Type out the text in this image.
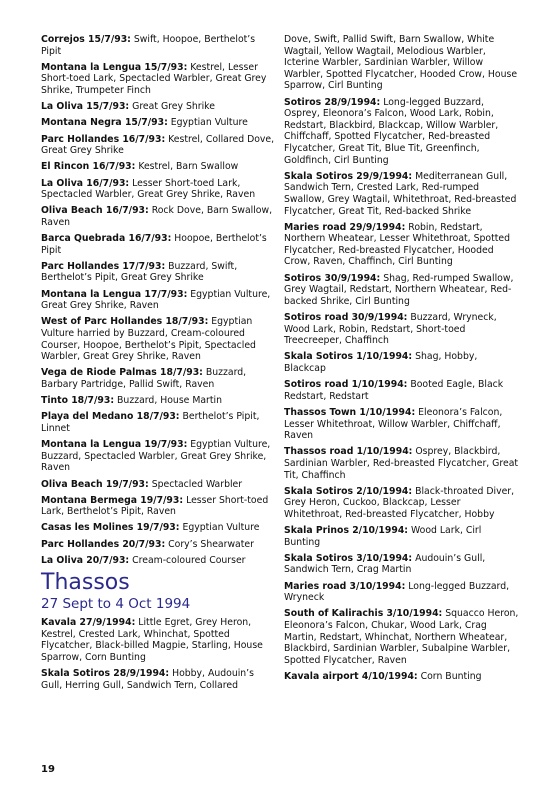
Correjos 15/7/93: Swift, Hoopoe, Berthelot’s Pipit
Montana la Lengua 15/7/93: Kestrel, Lesser Short-toed Lark, Spectacled Warbler, Great Grey Shrike, Trumpeter Finch
La Oliva 15/7/93: Great Grey Shrike
Montana Negra 15/7/93: Egyptian Vulture
Parc Hollandes 16/7/93: Kestrel, Collared Dove, Great Grey Shrike
El Rincon 16/7/93: Kestrel, Barn Swallow
La Oliva 16/7/93: Lesser Short-toed Lark, Spectacled Warbler, Great Grey Shrike, Raven
Oliva Beach 16/7/93: Rock Dove, Barn Swallow, Raven
Barca Quebrada 16/7/93: Hoopoe, Berthelot’s Pipit
Parc Hollandes 17/7/93: Buzzard, Swift, Berthelot’s Pipit, Great Grey Shrike
Montana la Lengua 17/7/93: Egyptian Vulture, Great Grey Shrike, Raven
West of Parc Hollandes 18/7/93: Egyptian Vulture harried by Buzzard, Cream-coloured Courser, Hoopoe, Berthelot’s Pipit, Spectacled Warbler, Great Grey Shrike, Raven
Vega de Riode Palmas 18/7/93: Buzzard, Barbary Partridge, Pallid Swift, Raven
Tinto 18/7/93: Buzzard, House Martin
Playa del Medano 18/7/93: Berthelot’s Pipit, Linnet
Montana la Lengua 19/7/93: Egyptian Vulture, Buzzard, Spectacled Warbler, Great Grey Shrike, Raven
Oliva Beach 19/7/93: Spectacled Warbler
Montana Bermega 19/7/93: Lesser Short-toed Lark, Berthelot’s Pipit, Raven
Casas les Molines 19/7/93: Egyptian Vulture
Parc Hollandes 20/7/93: Cory’s Shearwater
La Oliva 20/7/93: Cream-coloured Courser
Thassos
27 Sept to 4 Oct 1994
Kavala 27/9/1994: Little Egret, Grey Heron, Kestrel, Crested Lark, Whinchat, Spotted Flycatcher, Black-billed Magpie, Starling, House Sparrow, Corn Bunting
Skala Sotiros 28/9/1994: Hobby, Audouin’s Gull, Herring Gull, Sandwich Tern, Collared
Dove, Swift, Pallid Swift, Barn Swallow, White Wagtail, Yellow Wagtail, Melodious Warbler, Icterine Warbler, Sardinian Warbler, Willow Warbler, Spotted Flycatcher, Hooded Crow, House Sparrow, Cirl Bunting
Sotiros 28/9/1994: Long-legged Buzzard, Osprey, Eleonora’s Falcon, Wood Lark, Robin, Redstart, Blackbird, Blackcap, Willow Warbler, Chiffchaff, Spotted Flycatcher, Red-breasted Flycatcher, Great Tit, Blue Tit, Greenfinch, Goldfinch, Cirl Bunting
Skala Sotiros 29/9/1994: Mediterranean Gull, Sandwich Tern, Crested Lark, Red-rumped Swallow, Grey Wagtail, Whitethroat, Red-breasted Flycatcher, Great Tit, Red-backed Shrike
Maries road 29/9/1994: Robin, Redstart, Northern Wheatear, Lesser Whitethroat, Spotted Flycatcher, Red-breasted Flycatcher, Hooded Crow, Raven, Chaffinch, Cirl Bunting
Sotiros 30/9/1994: Shag, Red-rumped Swallow, Grey Wagtail, Redstart, Northern Wheatear, Red-backed Shrike, Cirl Bunting
Sotiros road 30/9/1994: Buzzard, Wryneck, Wood Lark, Robin, Redstart, Short-toed Treecreeper, Chaffinch
Skala Sotiros 1/10/1994: Shag, Hobby, Blackcap
Sotiros road 1/10/1994: Booted Eagle, Black Redstart, Redstart
Thassos Town 1/10/1994: Eleonora’s Falcon, Lesser Whitethroat, Willow Warbler, Chiffchaff, Raven
Thassos road 1/10/1994: Osprey, Blackbird, Sardinian Warbler, Red-breasted Flycatcher, Great Tit, Chaffinch
Skala Sotiros 2/10/1994: Black-throated Diver, Grey Heron, Cuckoo, Blackcap, Lesser Whitethroat, Red-breasted Flycatcher, Hobby
Skala Prinos 2/10/1994: Wood Lark, Cirl Bunting
Skala Sotiros 3/10/1994: Audouin’s Gull, Sandwich Tern, Crag Martin
Maries road 3/10/1994: Long-legged Buzzard, Wryneck
South of Kalirachis 3/10/1994: Squacco Heron, Eleonora’s Falcon, Chukar, Wood Lark, Crag Martin, Redstart, Whinchat, Northern Wheatear, Blackbird, Sardinian Warbler, Subalpine Warbler, Spotted Flycatcher, Raven
Kavala airport 4/10/1994: Corn Bunting
19
